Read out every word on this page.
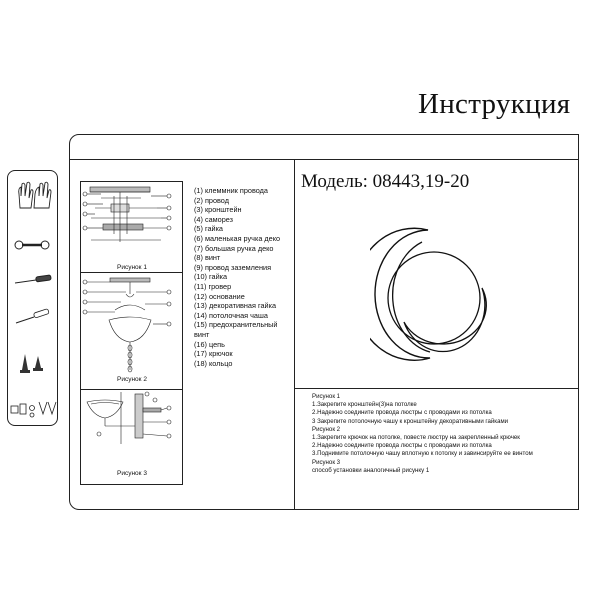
Инструкция
Рисунок 1
Рисунок 2
Рисунок 3
(1) клеммник провода
(2) провод
(3) кронштейн
(4) саморез
(5) гайка
(6) маленькая ручка деко
(7) большая ручка деко
(8) винт
(9) провод заземления
(10) гайка
(11) гровер
(12) основание
(13) декоративная гайка
(14) потолочная чаша
(15) предохранительный
винт
(16) цепь
(17) крючок
(18) кольцо
Модель: 08443,19-20
Рисунок 1
1.Закрепите кронштейн(3)на потолке
2.Надежно соедините провода люстры с проводами из потолка
3 Закрепите потолочную чашу к кронштейну декоративными гайками
Рисунок 2
1.Закрепите крючок на потолке, повесте люстру на закрепленный крючек
2.Надежно соедините провода люстры с проводами из потолка
3.Поднимите потолочную чашу вплотную к потолку и завинсируйте ее винтом
Рисунок 3
способ установки аналогичный рисунку 1
